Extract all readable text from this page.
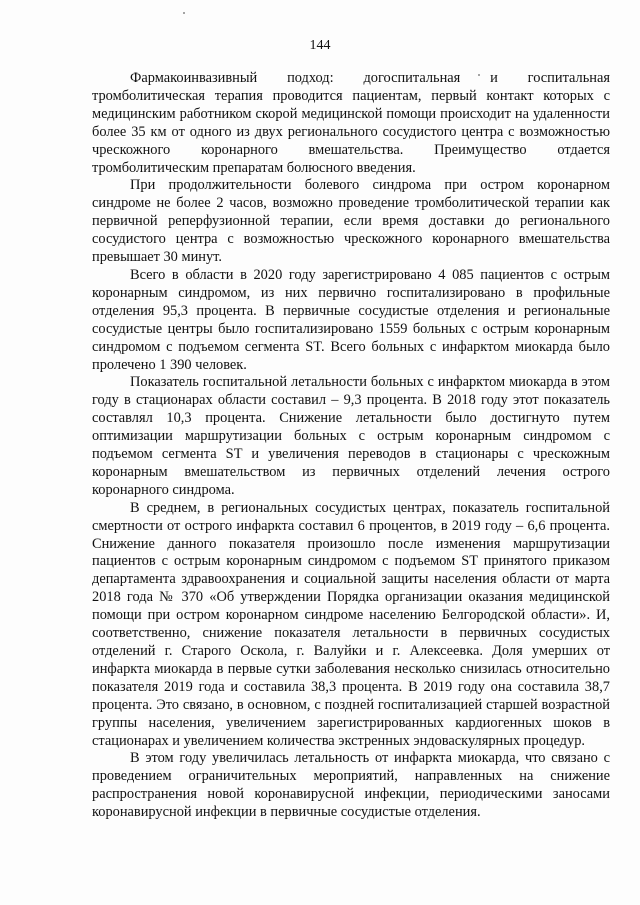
144

Фармакоинвазивный подход: догоспитальная и госпитальная тромболитическая терапия проводится пациентам, первый контакт которых с медицинским работником скорой медицинской помощи происходит на удаленности более 35 км от одного из двух регионального сосудистого центра с возможностью чрескожного коронарного вмешательства. Преимущество отдается тромболитическим препаратам болюсного введения.

При продолжительности болевого синдрома при остром коронарном синдроме не более 2 часов, возможно проведение тромболитической терапии как первичной реперфузионной терапии, если время доставки до регионального сосудистого центра с возможностью чрескожного коронарного вмешательства превышает 30 минут.

Всего в области в 2020 году зарегистрировано 4 085 пациентов с острым коронарным синдромом, из них первично госпитализировано в профильные отделения 95,3 процента. В первичные сосудистые отделения и региональные сосудистые центры было госпитализировано 1559 больных с острым коронарным синдромом с подъемом сегмента ST. Всего больных с инфарктом миокарда было пролечено 1 390 человек.

Показатель госпитальной летальности больных с инфарктом миокарда в этом году в стационарах области составил – 9,3 процента. В 2018 году этот показатель составлял 10,3 процента. Снижение летальности было достигнуто путем оптимизации маршрутизации больных с острым коронарным синдромом с подъемом сегмента ST и увеличения переводов в стационары с чрескожным коронарным вмешательством из первичных отделений лечения острого коронарного синдрома.

В среднем, в региональных сосудистых центрах, показатель госпитальной смертности от острого инфаркта составил 6 процентов, в 2019 году – 6,6 процента. Снижение данного показателя произошло после изменения маршрутизации пациентов с острым коронарным синдромом с подъемом ST принятого приказом департамента здравоохранения и социальной защиты населения области от марта 2018 года № 370 «Об утверждении Порядка организации оказания медицинской помощи при остром коронарном синдроме населению Белгородской области». И, соответственно, снижение показателя летальности в первичных сосудистых отделений г. Старого Оскола, г. Валуйки и г. Алексеевка. Доля умерших от инфаркта миокарда в первые сутки заболевания несколько снизилась относительно показателя 2019 года и составила 38,3 процента. В 2019 году она составила 38,7 процента. Это связано, в основном, с поздней госпитализацией старшей возрастной группы населения, увеличением зарегистрированных кардиогенных шоков в стационарах и увеличением количества экстренных эндоваскулярных процедур.

В этом году увеличилась летальность от инфаркта миокарда, что связано с проведением ограничительных мероприятий, направленных на снижение распространения новой коронавирусной инфекции, периодическими заносами коронавирусной инфекции в первичные сосудистые отделения.
